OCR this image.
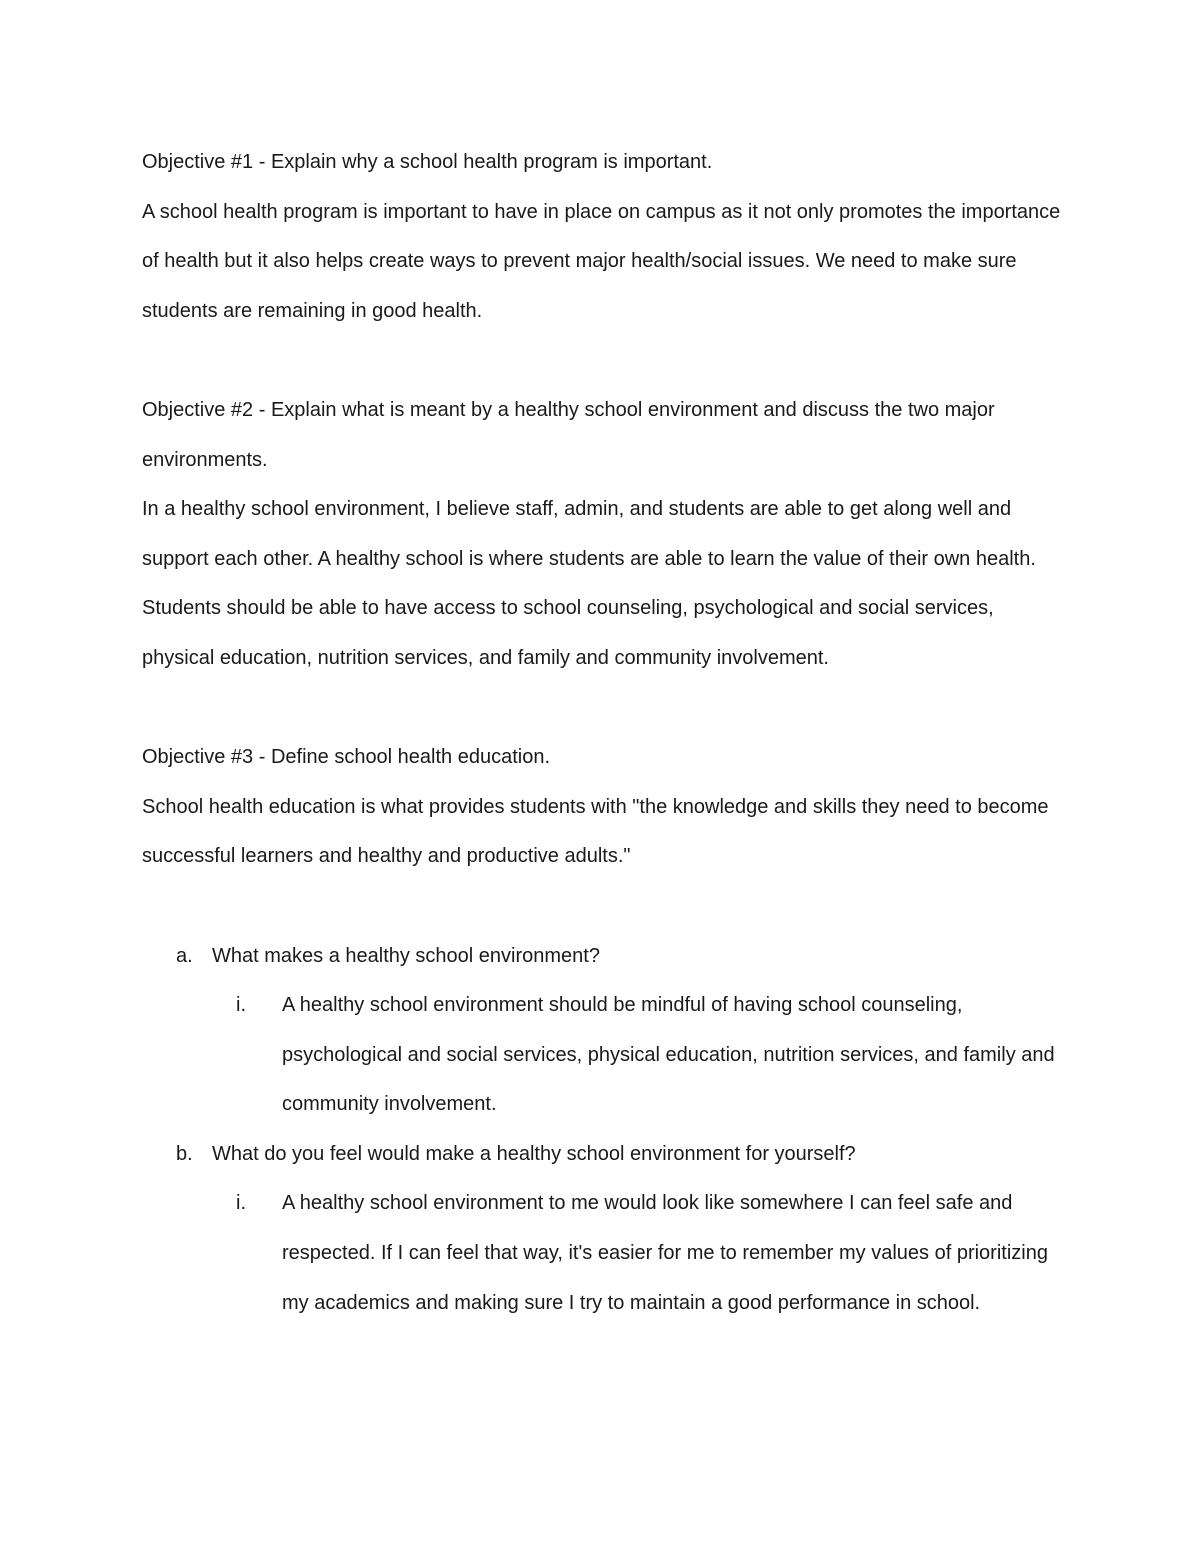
Objective #1 - Explain why a school health program is important.

A school health program is important to have in place on campus as it not only promotes the importance of health but it also helps create ways to prevent major health/social issues. We need to make sure students are remaining in good health.

Objective #2 - Explain what is meant by a healthy school environment and discuss the two major environments.

In a healthy school environment, I believe staff, admin, and students are able to get along well and support each other. A healthy school is where students are able to learn the value of their own health. Students should be able to have access to school counseling, psychological and social services, physical education, nutrition services, and family and community involvement.

Objective #3 - Define school health education.

School health education is what provides students with "the knowledge and skills they need to become successful learners and healthy and productive adults."

a. What makes a healthy school environment?
i. A healthy school environment should be mindful of having school counseling, psychological and social services, physical education, nutrition services, and family and community involvement.
b. What do you feel would make a healthy school environment for yourself?
i. A healthy school environment to me would look like somewhere I can feel safe and respected. If I can feel that way, it's easier for me to remember my values of prioritizing my academics and making sure I try to maintain a good performance in school.
